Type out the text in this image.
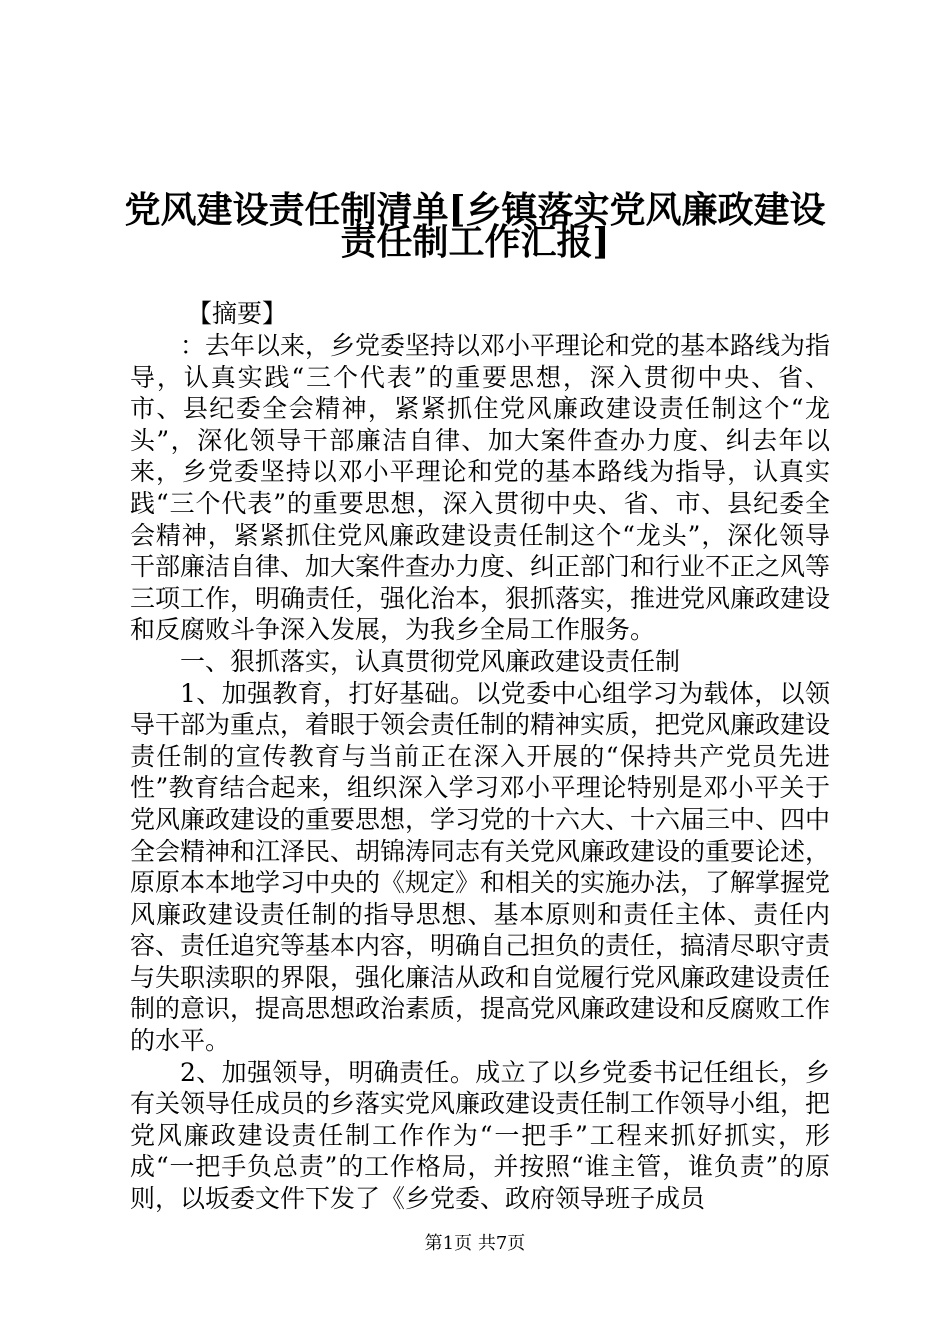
党风建设责任制清单[乡镇落实党风廉政建设
责任制工作汇报]
【摘要】

：去年以来，乡党委坚持以邓小平理论和党的基本路线为指导，认真实践“三个代表”的重要思想，深入贯彻中央、省、市、县纪委全会精神，紧紧抓住党风廉政建设责任制这个“龙头”，深化领导干部廉洁自律、加大案件查办力度、纠去年以来，乡党委坚持以邓小平理论和党的基本路线为指导，认真实践“三个代表”的重要思想，深入贯彻中央、省、市、县纪委全会精神，紧紧抓住党风廉政建设责任制这个“龙头”，深化领导干部廉洁自律、加大案件查办力度、纠正部门和行业不正之风等三项工作，明确责任，强化治本，狠抓落实，推进党风廉政建设和反腐败斗争深入发展，为我乡全局工作服务。

一、狠抓落实，认真贯彻党风廉政建设责任制

1、加强教育，打好基础。以党委中心组学习为载体，以领导干部为重点，着眼于领会责任制的精神实质，把党风廉政建设责任制的宣传教育与当前正在深入开展的“保持共产党员先进性”教育结合起来，组织深入学习邓小平理论特别是邓小平关于党风廉政建设的重要思想，学习党的十六大、十六届三中、四中全会精神和江泽民、胡锦涛同志有关党风廉政建设的重要论述，原原本本地学习中央的《规定》和相关的实施办法，了解掌握党风廉政建设责任制的指导思想、基本原则和责任主体、责任内容、责任追究等基本内容，明确自己担负的责任，搞清尽职守责与失职渎职的界限，强化廉洁从政和自觉履行党风廉政建设责任制的意识，提高思想政治素质，提高党风廉政建设和反腐败工作的水平。

2、加强领导，明确责任。成立了以乡党委书记任组长，乡有关领导任成员的乡落实党风廉政建设责任制工作领导小组，把党风廉政建设责任制工作作为“一把手”工程来抓好抓实，形成“一把手负总责”的工作格局，并按照“谁主管，谁负责”的原则，以坂委文件下发了《乡党委、政府领导班子成员

第1页 共7页
